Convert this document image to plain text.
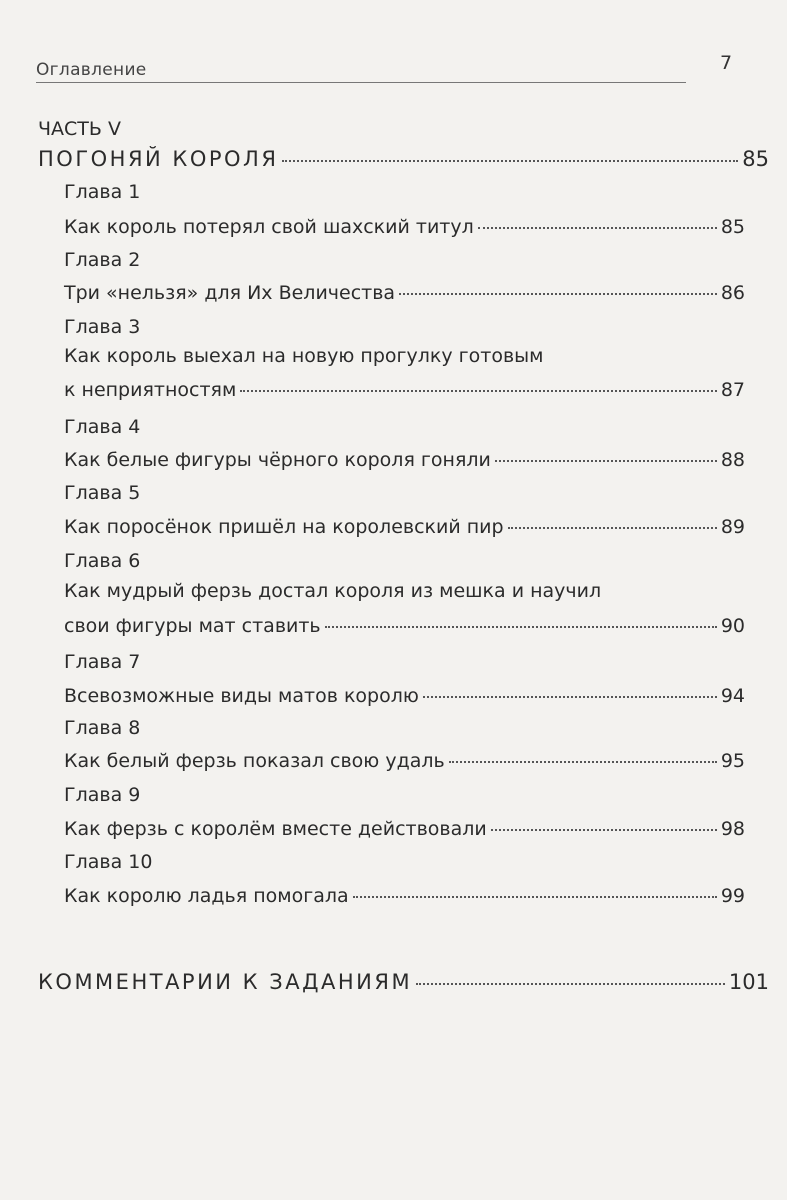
Оглавление	7
ЧАСТЬ V
ПОГОНЯЙ КОРОЛЯ	85
Глава 1
Как король потерял свой шахский титул	85
Глава 2
Три «нельзя» для Их Величества	86
Глава 3
Как король выехал на новую прогулку готовым
к неприятностям	87
Глава 4
Как белые фигуры чёрного короля гоняли	88
Глава 5
Как поросёнок пришёл на королевский пир	89
Глава 6
Как мудрый ферзь достал короля из мешка и научил
свои фигуры мат ставить	90
Глава 7
Всевозможные виды матов королю	94
Глава 8
Как белый ферзь показал свою удаль	95
Глава 9
Как ферзь с королём вместе действовали	98
Глава 10
Как королю ладья помогала	99
КОММЕНТАРИИ К ЗАДАНИЯМ	101
